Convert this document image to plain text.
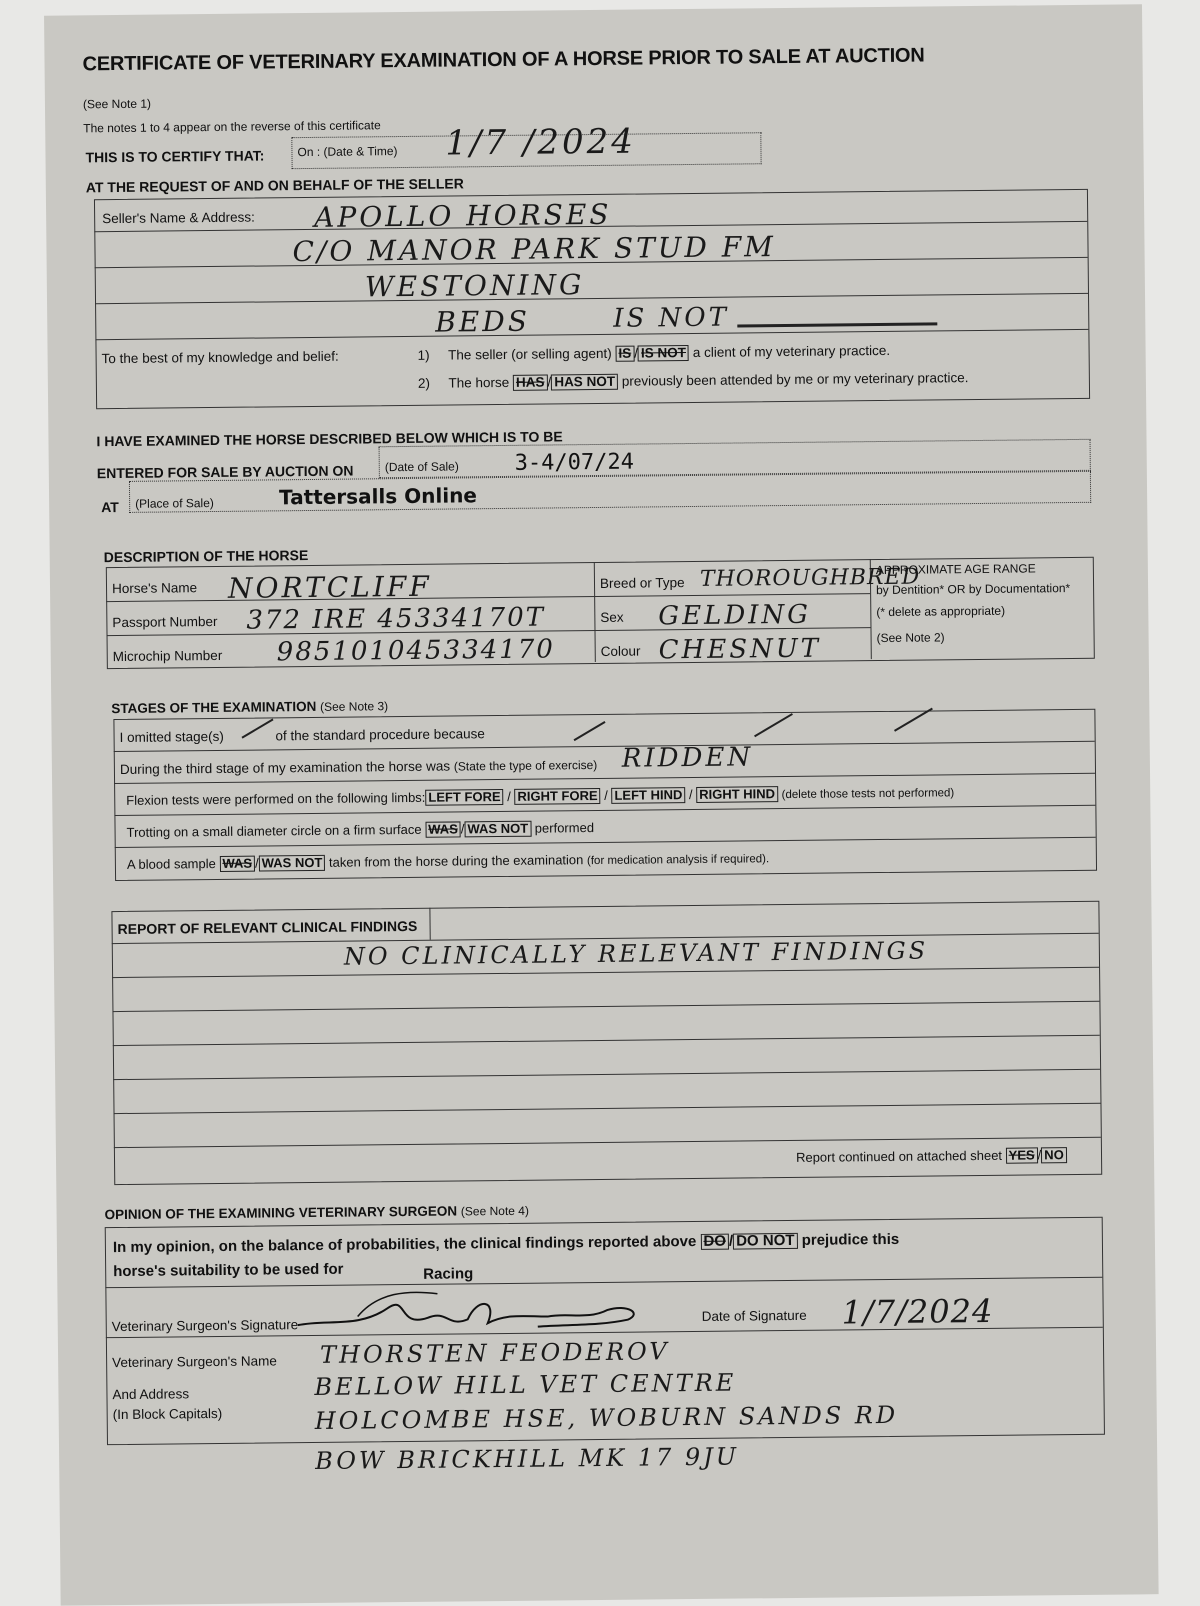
CERTIFICATE OF VETERINARY EXAMINATION OF A HORSE PRIOR TO SALE AT AUCTION
(See Note 1)
The notes 1 to 4 appear on the reverse of this certificate
THIS IS TO CERTIFY THAT:	On : (Date & Time) 1/7 /2024
AT THE REQUEST OF AND ON BEHALF OF THE SELLER
Seller's Name & Address: APOLLO HORSES
C/O MANOR PARK STUD FM
WESTONING
BEDS	IS NOT
To the best of my knowledge and belief:	1) The seller (or selling agent) IS / IS NOT a client of my veterinary practice.
2) The horse HAS / HAS NOT previously been attended by me or my veterinary practice.
I HAVE EXAMINED THE HORSE DESCRIBED BELOW WHICH IS TO BE
ENTERED FOR SALE BY AUCTION ON	(Date of Sale)	3-4/07/24
AT (Place of Sale)	Tattersalls Online
DESCRIPTION OF THE HORSE
Horse's Name NORTCLIFF
Passport Number 372 IRE 45334170T
Microchip Number 985101045334170
Breed or Type THOROUGHBRED
Sex GELDING
Colour CHESNUT
APPROXIMATE AGE RANGE
by Dentition* OR by Documentation*
(* delete as appropriate)
(See Note 2)
STAGES OF THE EXAMINATION (See Note 3)
I omitted stage(s)	of the standard procedure because
During the third stage of my examination the horse was (State the type of exercise) RIDDEN
Flexion tests were performed on the following limbs: LEFT FORE / RIGHT FORE / LEFT HIND / RIGHT HIND (delete those tests not performed)
Trotting on a small diameter circle on a firm surface WAS / WAS NOT performed
A blood sample WAS / WAS NOT taken from the horse during the examination (for medication analysis if required).
REPORT OF RELEVANT CLINICAL FINDINGS
NO CLINICALLY RELEVANT FINDINGS
Report continued on attached sheet YES / NO
OPINION OF THE EXAMINING VETERINARY SURGEON (See Note 4)
In my opinion, on the balance of probabilities, the clinical findings reported above DO / DO NOT prejudice this
horse's suitability to be used for	Racing
Veterinary Surgeon's Signature
Date of Signature 1/7/2024
Veterinary Surgeon's Name THORSTEN FEODEROV
And Address
(In Block Capitals)
BELLOW HILL VET CENTRE
HOLCOMBE HSE, WOBURN SANDS RD
BOW BRICKHILL MK 17 9JU
